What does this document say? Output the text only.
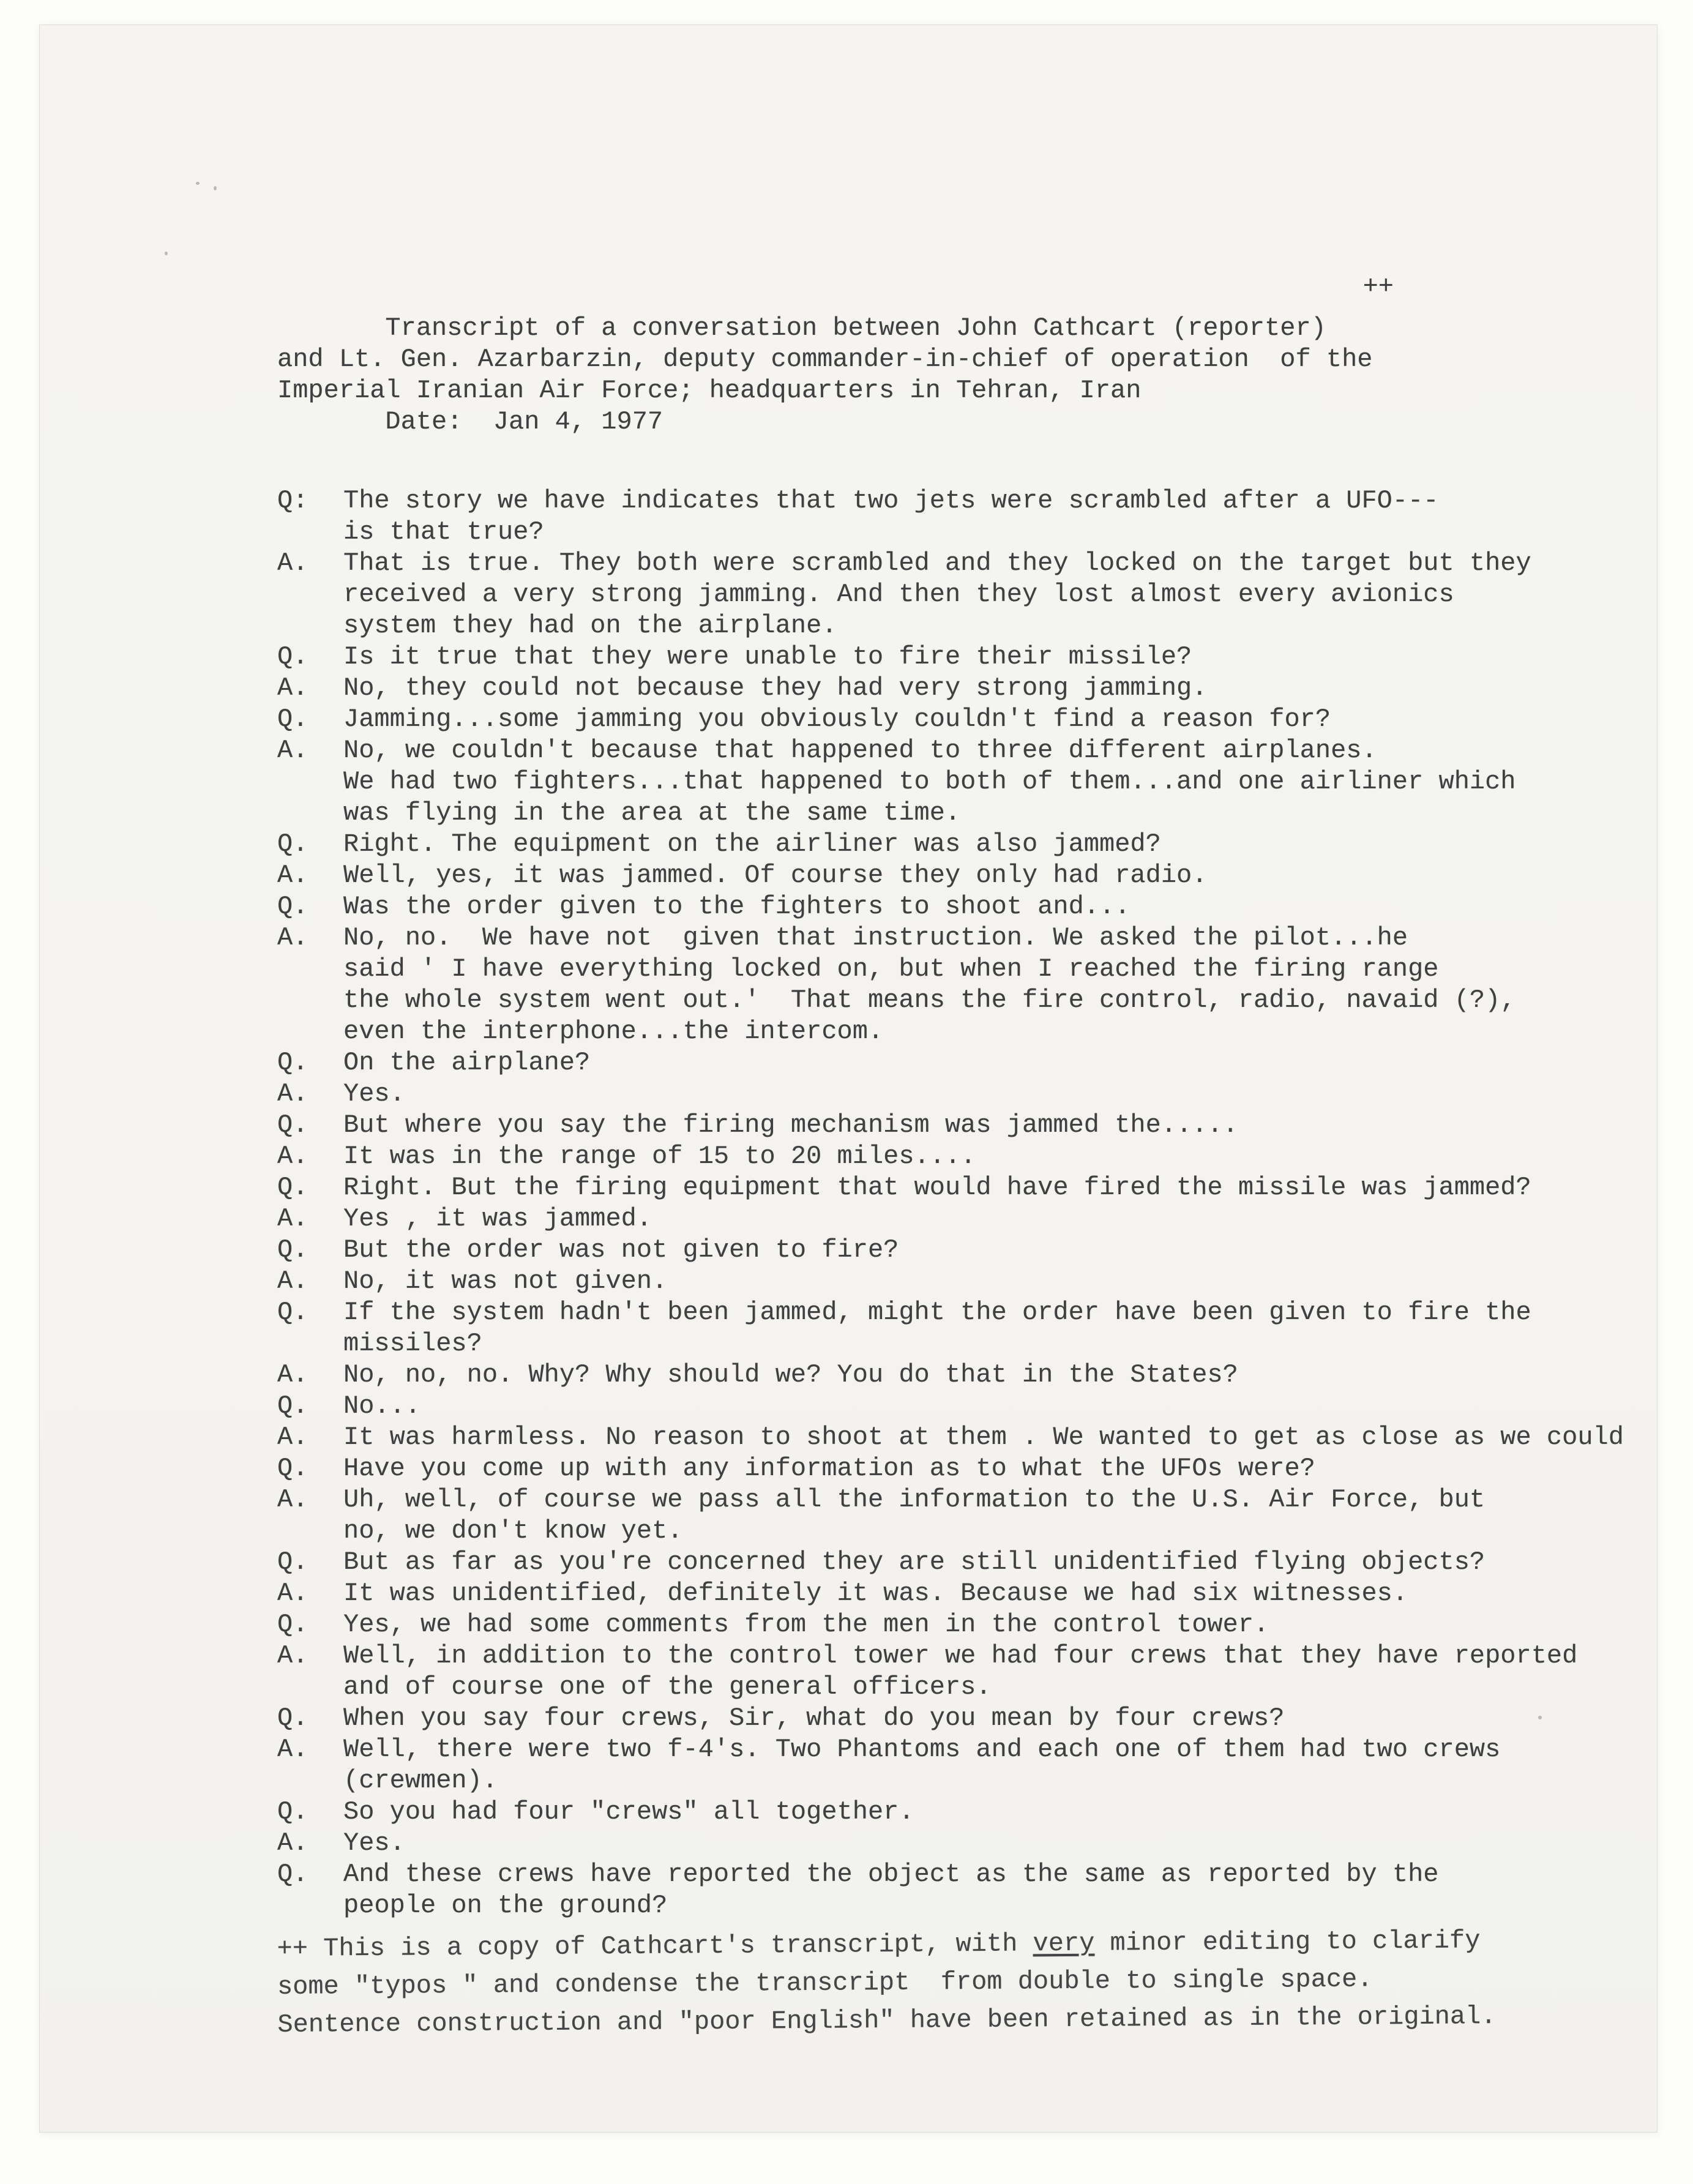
++
Transcript of a conversation between John Cathcart (reporter)
and Lt. Gen. Azarbarzin, deputy commander-in-chief of operation  of the
Imperial Iranian Air Force; headquarters in Tehran, Iran
Date:  Jan 4, 1977
Q:	The story we have indicates that two jets were scrambled after a UFO---
is that true?
A.	That is true. They both were scrambled and they locked on the target but they
received a very strong jamming. And then they lost almost every avionics
system they had on the airplane.
Q.	Is it true that they were unable to fire their missile?
A.	No, they could not because they had very strong jamming.
Q.	Jamming...some jamming you obviously couldn't find a reason for?
A.	No, we couldn't because that happened to three different airplanes.
We had two fighters...that happened to both of them...and one airliner which
was flying in the area at the same time.
Q.	Right. The equipment on the airliner was also jammed?
A.	Well, yes, it was jammed. Of course they only had radio.
Q.	Was the order given to the fighters to shoot and...
A.	No, no.  We have not  given that instruction. We asked the pilot...he
said ' I have everything locked on, but when I reached the firing range
the whole system went out.'  That means the fire control, radio, navaid (?),
even the interphone...the intercom.
Q.	On the airplane?
A.	Yes.
Q.	But where you say the firing mechanism was jammed the.....
A.	It was in the range of 15 to 20 miles....
Q.	Right. But the firing equipment that would have fired the missile was jammed?
A.	Yes , it was jammed.
Q.	But the order was not given to fire?
A.	No, it was not given.
Q.	If the system hadn't been jammed, might the order have been given to fire the
missiles?
A.	No, no, no. Why? Why should we? You do that in the States?
Q.	No...
A.	It was harmless. No reason to shoot at them . We wanted to get as close as we could
Q.	Have you come up with any information as to what the UFOs were?
A.	Uh, well, of course we pass all the information to the U.S. Air Force, but
no, we don't know yet.
Q.	But as far as you're concerned they are still unidentified flying objects?
A.	It was unidentified, definitely it was. Because we had six witnesses.
Q.	Yes, we had some comments from the men in the control tower.
A.	Well, in addition to the control tower we had four crews that they have reported
and of course one of the general officers.
Q.	When you say four crews, Sir, what do you mean by four crews?
A.	Well, there were two f-4's. Two Phantoms and each one of them had two crews
(crewmen).
Q.	So you had four "crews" all together.
A.	Yes.
Q.	And these crews have reported the object as the same as reported by the
people on the ground?
++ This is a copy of Cathcart's transcript, with very minor editing to clarify
some "typos " and condense the transcript  from double to single space.
Sentence construction and "poor English" have been retained as in the original.
